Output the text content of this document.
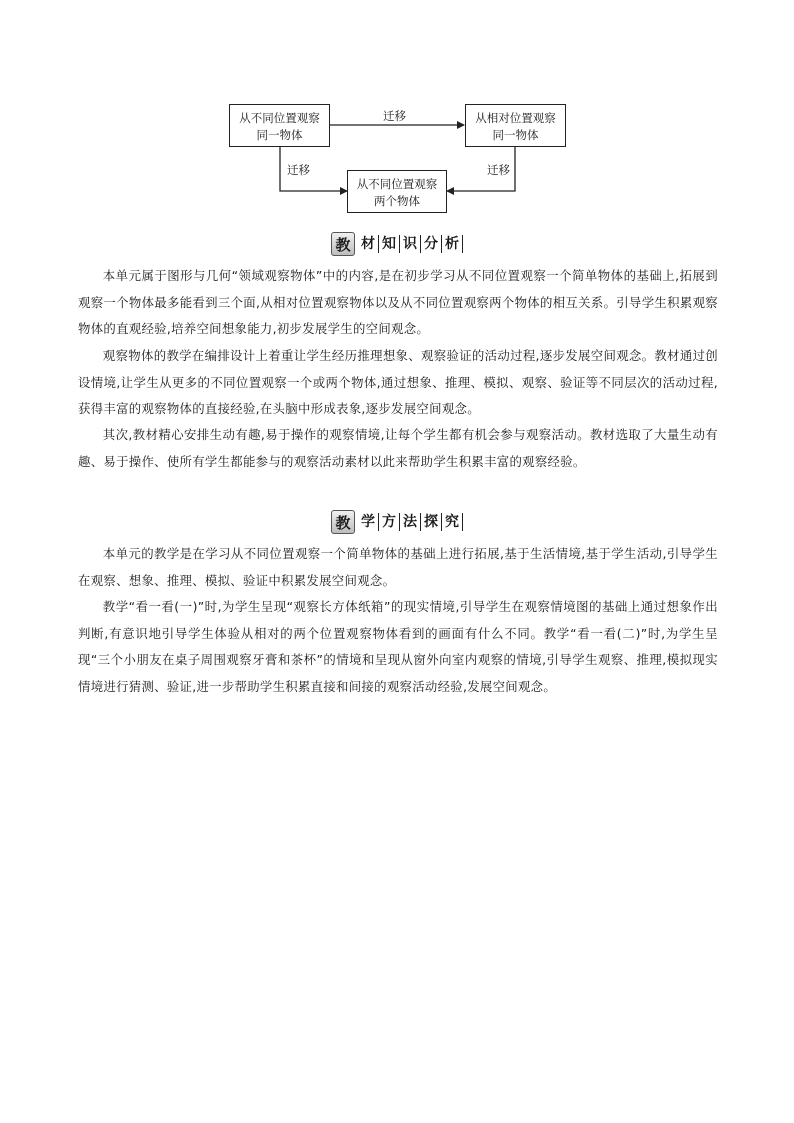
从不同位置观察
同一物体
从相对位置观察
同一物体
从不同位置观察
两个物体
迁移
迁移	迁移
教 材 知 识 分 析

本单元属于图形与几何“领域观察物体”中的内容,是在初步学习从不同位置观察一个简单物体的基础上,拓展到观察一个物体最多能看到三个面,从相对位置观察物体以及从不同位置观察两个物体的相互关系。引导学生积累观察物体的直观经验,培养空间想象能力,初步发展学生的空间观念。

观察物体的教学在编排设计上着重让学生经历推理想象、观察验证的活动过程,逐步发展空间观念。教材通过创设情境,让学生从更多的不同位置观察一个或两个物体,通过想象、推理、模拟、观察、验证等不同层次的活动过程,获得丰富的观察物体的直接经验,在头脑中形成表象,逐步发展空间观念。

其次,教材精心安排生动有趣,易于操作的观察情境,让每个学生都有机会参与观察活动。教材选取了大量生动有趣、易于操作、使所有学生都能参与的观察活动素材以此来帮助学生积累丰富的观察经验。

教 学 方 法 探 究

本单元的教学是在学习从不同位置观察一个简单物体的基础上进行拓展,基于生活情境,基于学生活动,引导学生在观察、想象、推理、模拟、验证中积累发展空间观念。

教学“看一看(一)”时,为学生呈现“观察长方体纸箱”的现实情境,引导学生在观察情境图的基础上通过想象作出判断,有意识地引导学生体验从相对的两个位置观察物体看到的画面有什么不同。教学“看一看(二)”时,为学生呈现“三个小朋友在桌子周围观察牙膏和茶杯”的情境和呈现从窗外向室内观察的情境,引导学生观察、推理,模拟现实情境进行猜测、验证,进一步帮助学生积累直接和间接的观察活动经验,发展空间观念。
